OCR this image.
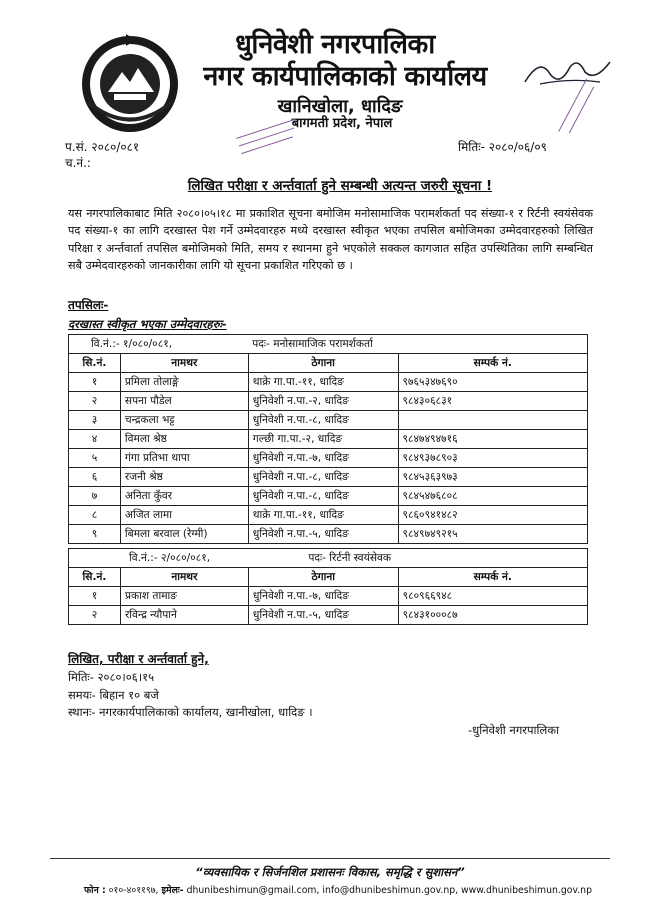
धुनिवेशी नगरपालिका
नगर कार्यपालिकाको कार्यालय
खानिखोला, धादिङ
बागमती प्रदेश, नेपाल
प.सं. २०८०/०८१
च.नं.:
मितिः- २०८०/०६/०९
लिखित परीक्षा र अर्न्तवार्ता हुने सम्बन्धी अत्यन्त जरुरी सूचना !
यस नगरपालिकाबाट मिति २०८०।०५।१८ मा प्रकाशित सूचना बमोजिम मनोसामाजिक परामर्शकर्ता पद संख्या-१ र रिर्टनी स्वयंसेवक पद संख्या-१ का लागि दरखास्त पेश गर्ने उम्मेदवारहरु मध्ये दरखास्त स्वीकृत भएका तपसिल बमोजिमका उम्मेदवारहरुको लिखित परिक्षा र अर्न्तवार्ता तपसिल बमोजिमको मिति, समय र स्थानमा हुने भएकोले सक्कल कागजात सहित उपस्थितिका लागि सम्बन्धित सबै उम्मेदवारहरुको जानकारीका लागि यो सूचना प्रकाशित गरिएको छ ।
तपसिलः-
दरखास्त स्वीकृत भएका उम्मेदवारहरुः-
वि.नं.:- १/०८०/०८१,		पदः- मनोसामाजिक परामर्शकर्ता	
सि.नं.	नामथर	ठेगाना	सम्पर्क नं.
१	प्रमिला तोलाङ्गे	थाक्रे गा.पा.-११, धादिङ	९७६५३४७६९०
२	सपना पौडेल	धुनिवेशी न.पा.-२, धादिङ	९८४३०६८३१
३	चन्द्रकला भट्ट	धुनिवेशी न.पा.-८, धादिङ	
४	विमला श्रेष्ठ	गल्छी गा.पा.-२, धादिङ	९८४७४९४७१६
५	गंगा प्रतिभा थापा	धुनिवेशी न.पा.-७, धादिङ	९८४९३७८९०३
६	रजनी श्रेष्ठ	धुनिवेशी न.पा.-८, धादिङ	९८४५३६३९७३
७	अनिता कुँवर	धुनिवेशी न.पा.-८, धादिङ	९८४५४७६८०८
८	अजित लामा	थाक्रे गा.पा.-११, धादिङ	९८६०९४१४८२
९	बिमला बरवाल (रेग्मी)	धुनिवेशी न.पा.-५, धादिङ	९८४९७४९२१५
वि.नं.:- २/०८०/०८१,		पदः- रिर्टनी स्वयंसेवक	
सि.नं.	नामथर	ठेगाना	सम्पर्क नं.
१	प्रकाश तामाङ	धुनिवेशी न.पा.-७, धादिङ	९८०९६६९४८
२	रविन्द्र न्यौपाने	धुनिवेशी न.पा.-५, धादिङ	९८४३१०००८७
लिखित, परीक्षा र अर्न्तवार्ता हुने,
मितिः- २०८०।०६।१५
समयः- बिहान १० बजे
स्थानः- नगरकार्यपालिकाको कार्यालय, खानीखोला, धादिङ ।
-धुनिवेशी नगरपालिका
“व्यवसायिक र सिर्जनशिल प्रशासनः विकास, समृद्धि र सुशासन”
फोन : ०१०-४०११९७, इमेलः- dhunibeshimun@gmail.com, info@dhunibeshimun.gov.np, www.dhunibeshimun.gov.np
